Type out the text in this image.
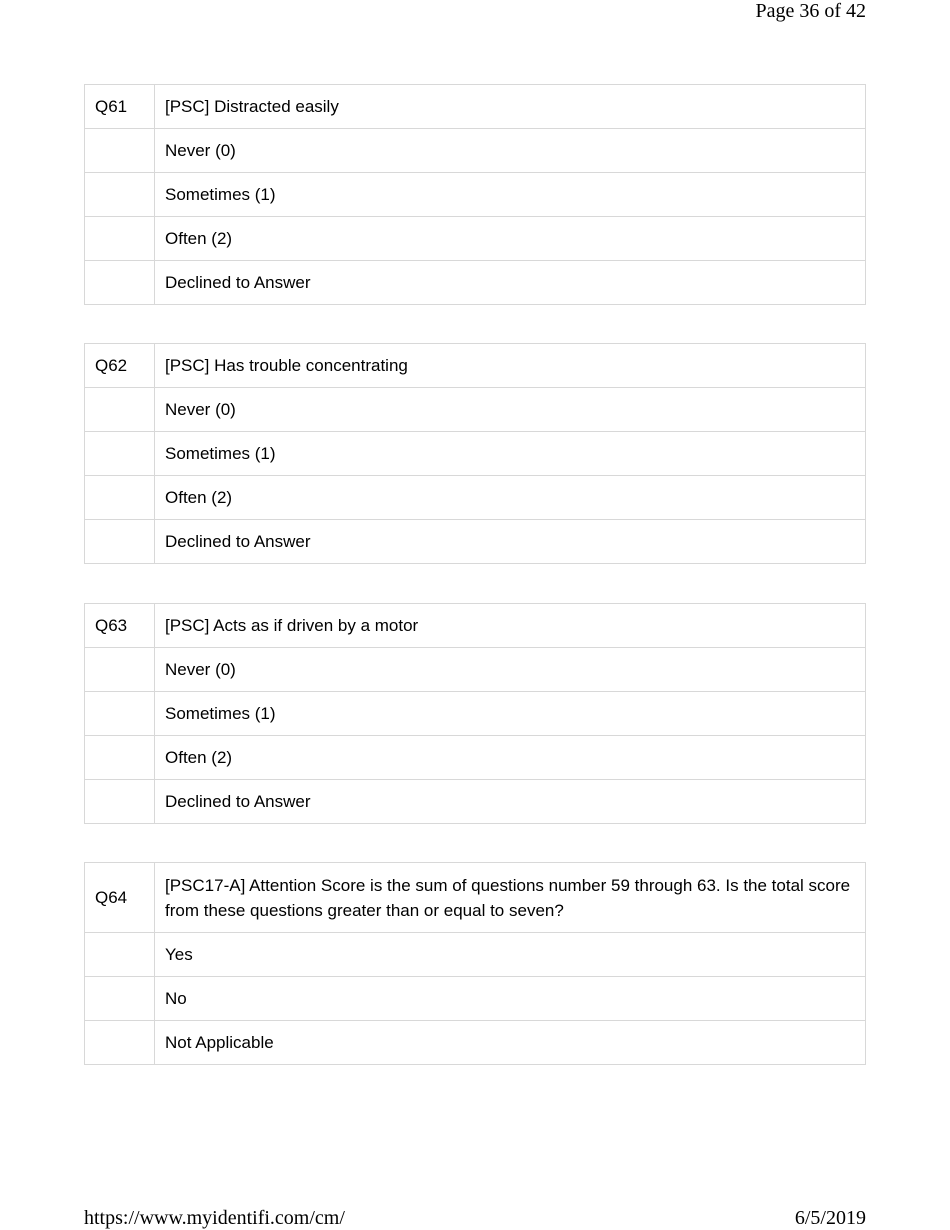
Page 36 of 42
Q61	[PSC] Distracted easily
	Never (0)
	Sometimes (1)
	Often (2)
	Declined to Answer
Q62	[PSC] Has trouble concentrating
	Never (0)
	Sometimes (1)
	Often (2)
	Declined to Answer
Q63	[PSC] Acts as if driven by a motor
	Never (0)
	Sometimes (1)
	Often (2)
	Declined to Answer
Q64	[PSC17-A] Attention Score is the sum of questions number 59 through 63. Is the total score from these questions greater than or equal to seven?
	Yes
	No
	Not Applicable
https://www.myidentifi.com/cm/	6/5/2019
